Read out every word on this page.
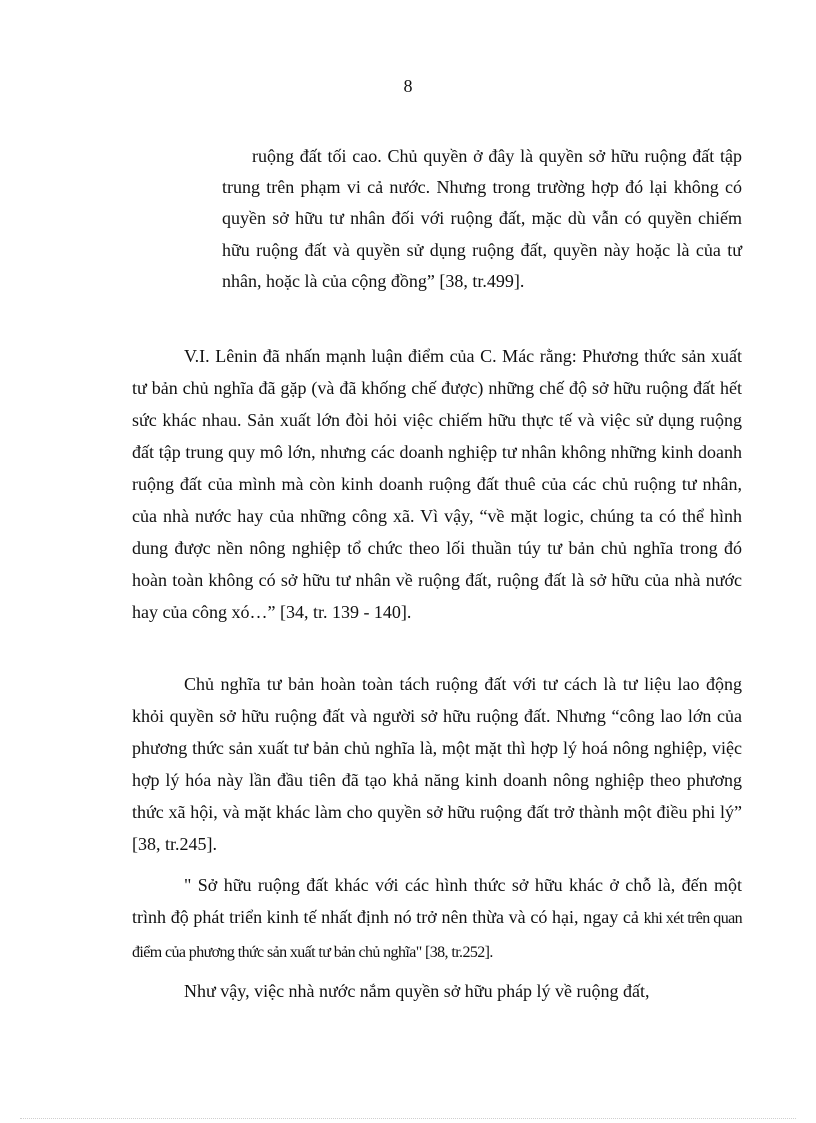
8
ruộng đất tối cao. Chủ quyền ở đây là quyền sở hữu ruộng đất tập trung trên phạm vi cả nước. Nhưng trong trường hợp đó lại không có quyền sở hữu tư nhân đối với ruộng đất, mặc dù vẫn có quyền chiếm hữu ruộng đất và quyền sử dụng ruộng đất, quyền này hoặc là của tư nhân, hoặc là của cộng đồng” [38, tr.499].
V.I. Lênin đã nhấn mạnh luận điểm của C. Mác rằng: Phương thức sản xuất tư bản chủ nghĩa đã gặp (và đã khống chế được) những chế độ sở hữu ruộng đất hết sức khác nhau. Sản xuất lớn đòi hỏi việc chiếm hữu thực tế và việc sử dụng ruộng đất tập trung quy mô lớn, nhưng các doanh nghiệp tư nhân không những kinh doanh ruộng đất của mình mà còn kinh doanh ruộng đất thuê của các chủ ruộng tư nhân, của nhà nước hay của những công xã. Vì vậy, “về mặt logic, chúng ta có thể hình dung được nền nông nghiệp tổ chức theo lối thuần túy tư bản chủ nghĩa trong đó hoàn toàn không có sở hữu tư nhân về ruộng đất, ruộng đất là sở hữu của nhà nước hay của công xó…” [34, tr. 139 - 140].
Chủ nghĩa tư bản hoàn toàn tách ruộng đất với tư cách là tư liệu lao động khỏi quyền sở hữu ruộng đất và người sở hữu ruộng đất. Nhưng “công lao lớn của phương thức sản xuất tư bản chủ nghĩa là, một mặt thì hợp lý hoá nông nghiệp, việc hợp lý hóa này lần đầu tiên đã tạo khả năng kinh doanh nông nghiệp theo phương thức xã hội, và mặt khác làm cho quyền sở hữu ruộng đất trở thành một điều phi lý” [38, tr.245].
" Sở hữu ruộng đất khác với các hình thức sở hữu khác ở chỗ là, đến một trình độ phát triển kinh tế nhất định nó trở nên thừa và có hại, ngay cả khi xét trên quan điểm của phương thức sản xuất tư bản chủ nghĩa" [38, tr.252].
Như vậy, việc nhà nước nắm quyền sở hữu pháp lý về ruộng đất,
